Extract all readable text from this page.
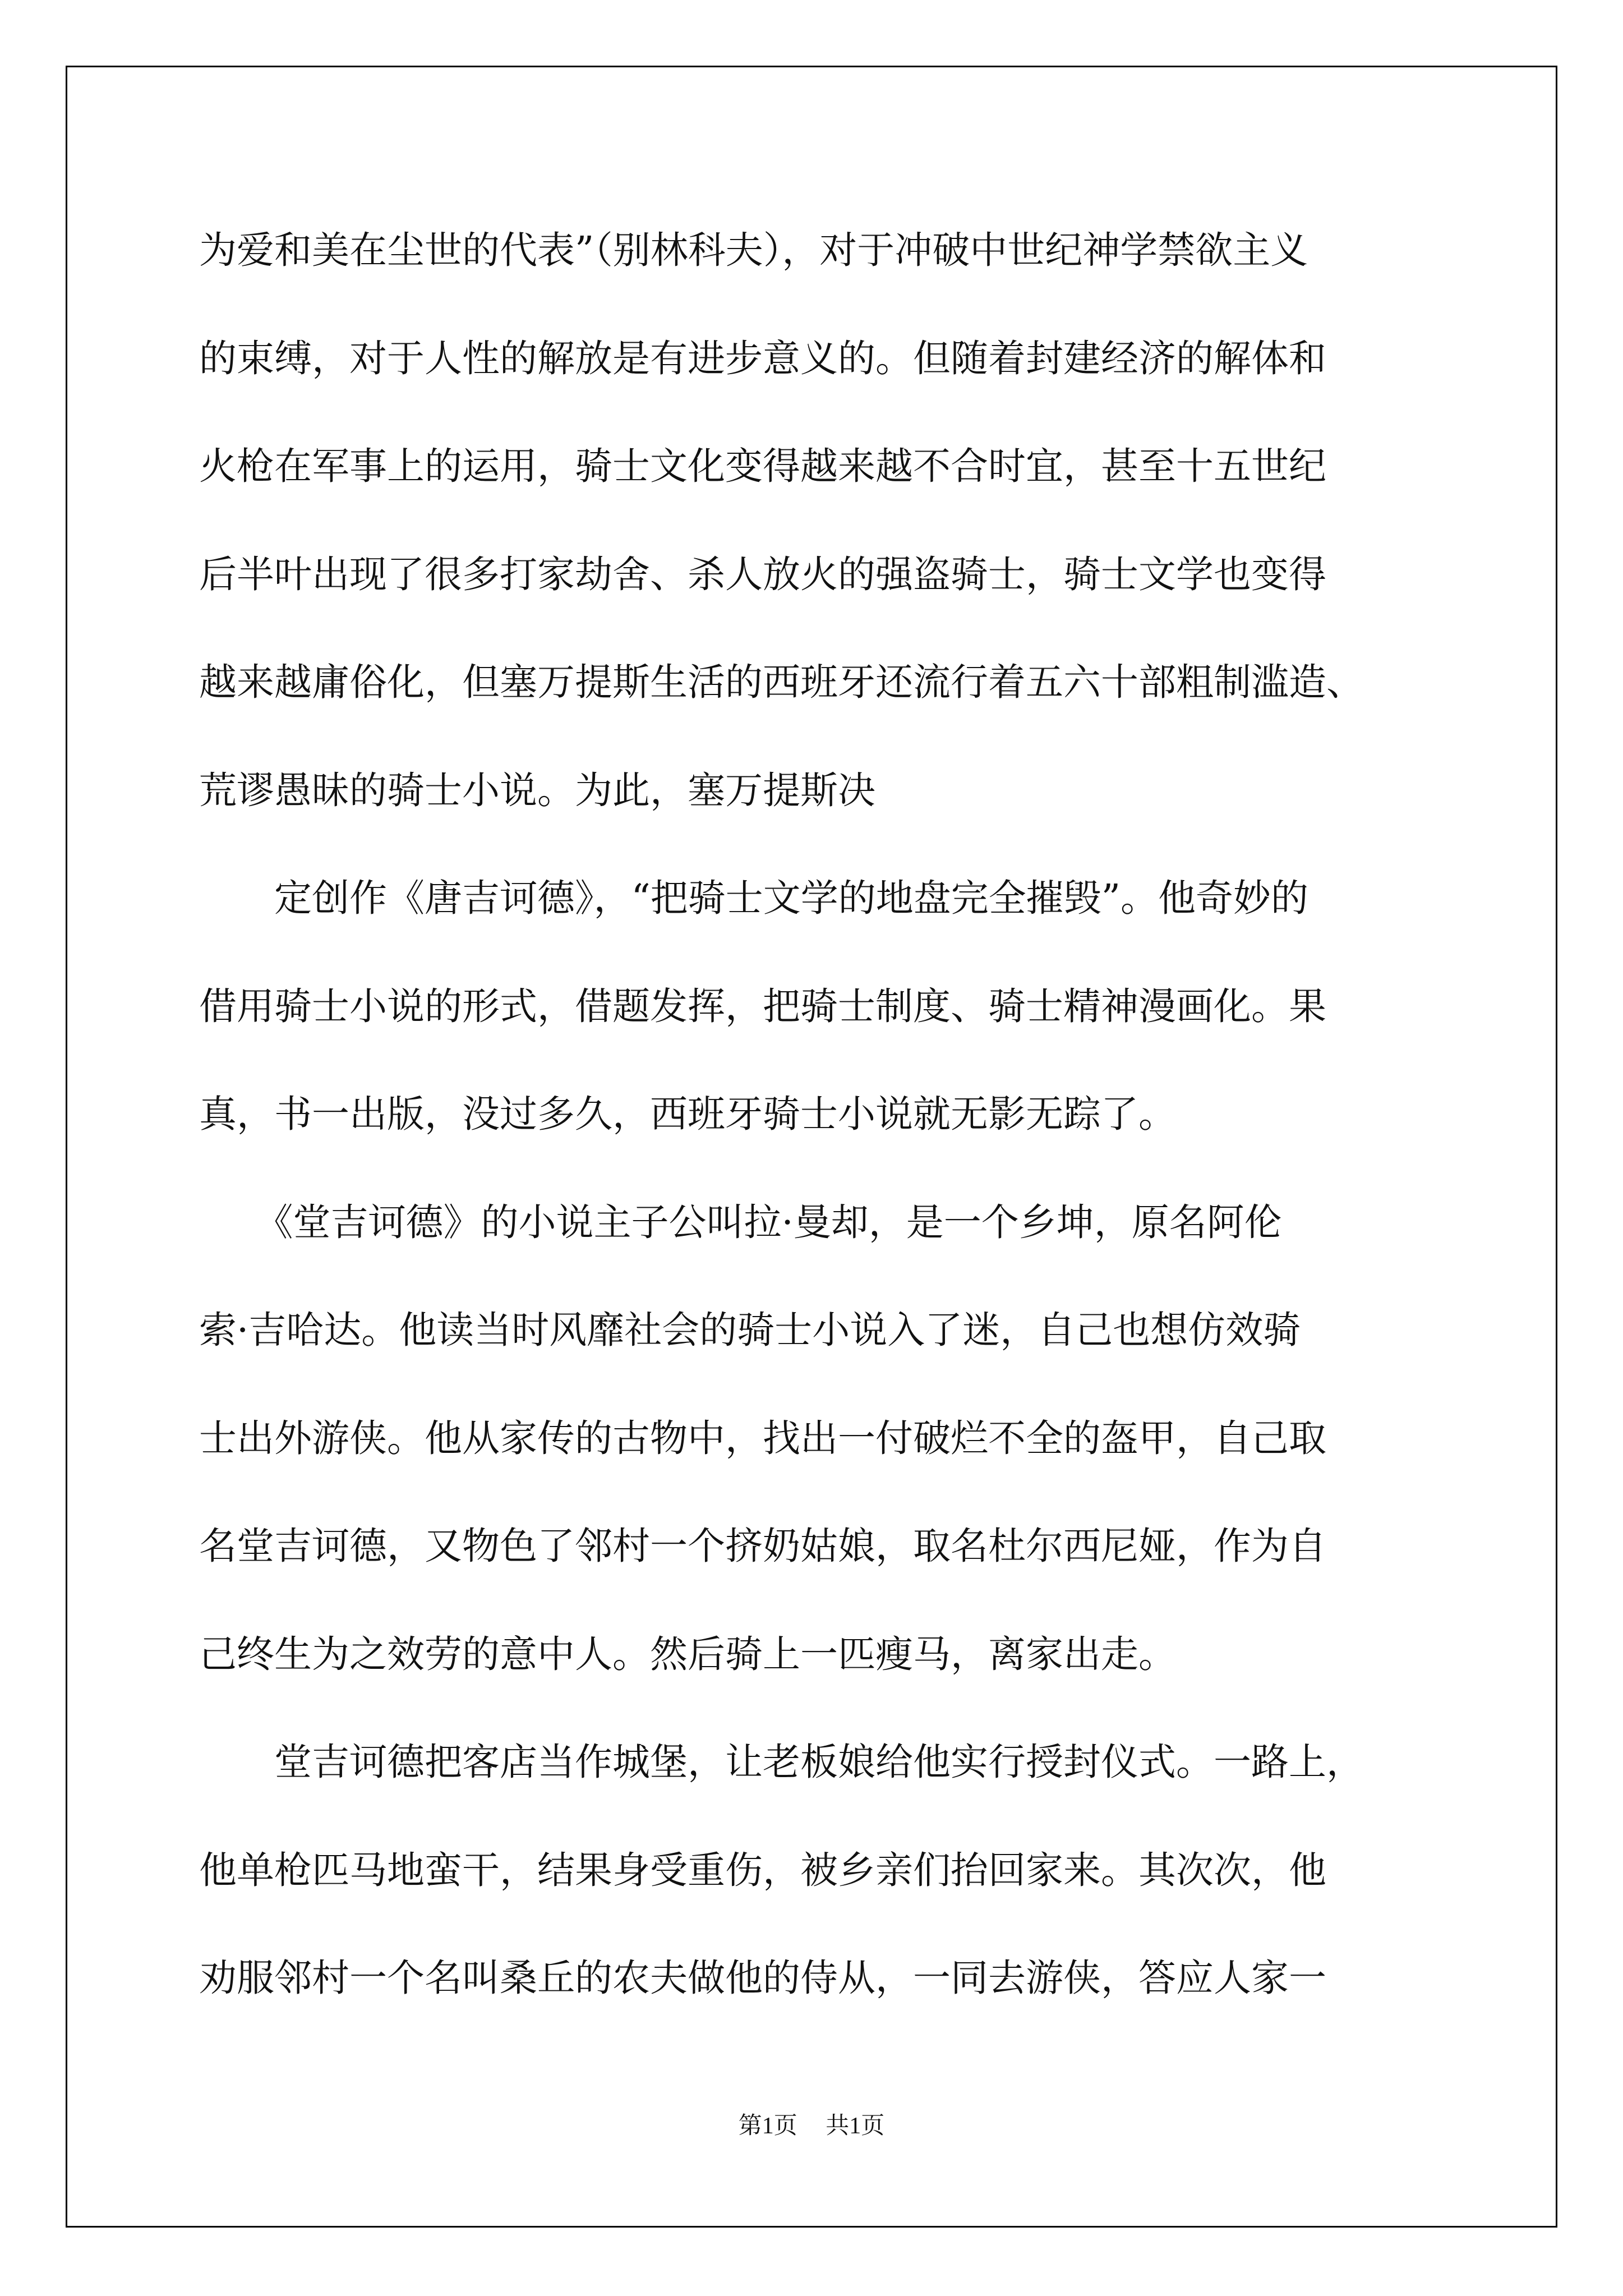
为爱和美在尘世的代表”（别林科夫），对于冲破中世纪神学禁欲主义

的束缚，对于人性的解放是有进步意义的。但随着封建经济的解体和

火枪在军事上的运用，骑士文化变得越来越不合时宜，甚至十五世纪

后半叶出现了很多打家劫舍、杀人放火的强盗骑士，骑士文学也变得

越来越庸俗化，但塞万提斯生活的西班牙还流行着五六十部粗制滥造、

荒谬愚昧的骑士小说。为此，塞万提斯决

　　定创作《唐吉诃德》，“把骑士文学的地盘完全摧毁”。他奇妙的

借用骑士小说的形式，借题发挥，把骑士制度、骑士精神漫画化。果

真，书一出版，没过多久，西班牙骑士小说就无影无踪了。

　　《堂吉诃德》的小说主子公叫拉·曼却，是一个乡坤，原名阿伦

索·吉哈达。他读当时风靡社会的骑士小说入了迷，自己也想仿效骑

士出外游侠。他从家传的古物中，找出一付破烂不全的盔甲，自己取

名堂吉诃德，又物色了邻村一个挤奶姑娘，取名杜尔西尼娅，作为自

己终生为之效劳的意中人。然后骑上一匹瘦马，离家出走。

　　堂吉诃德把客店当作城堡，让老板娘给他实行授封仪式。一路上，

他单枪匹马地蛮干，结果身受重伤，被乡亲们抬回家来。其次次，他

劝服邻村一个名叫桑丘的农夫做他的侍从，一同去游侠，答应人家一

第1页 共1页
